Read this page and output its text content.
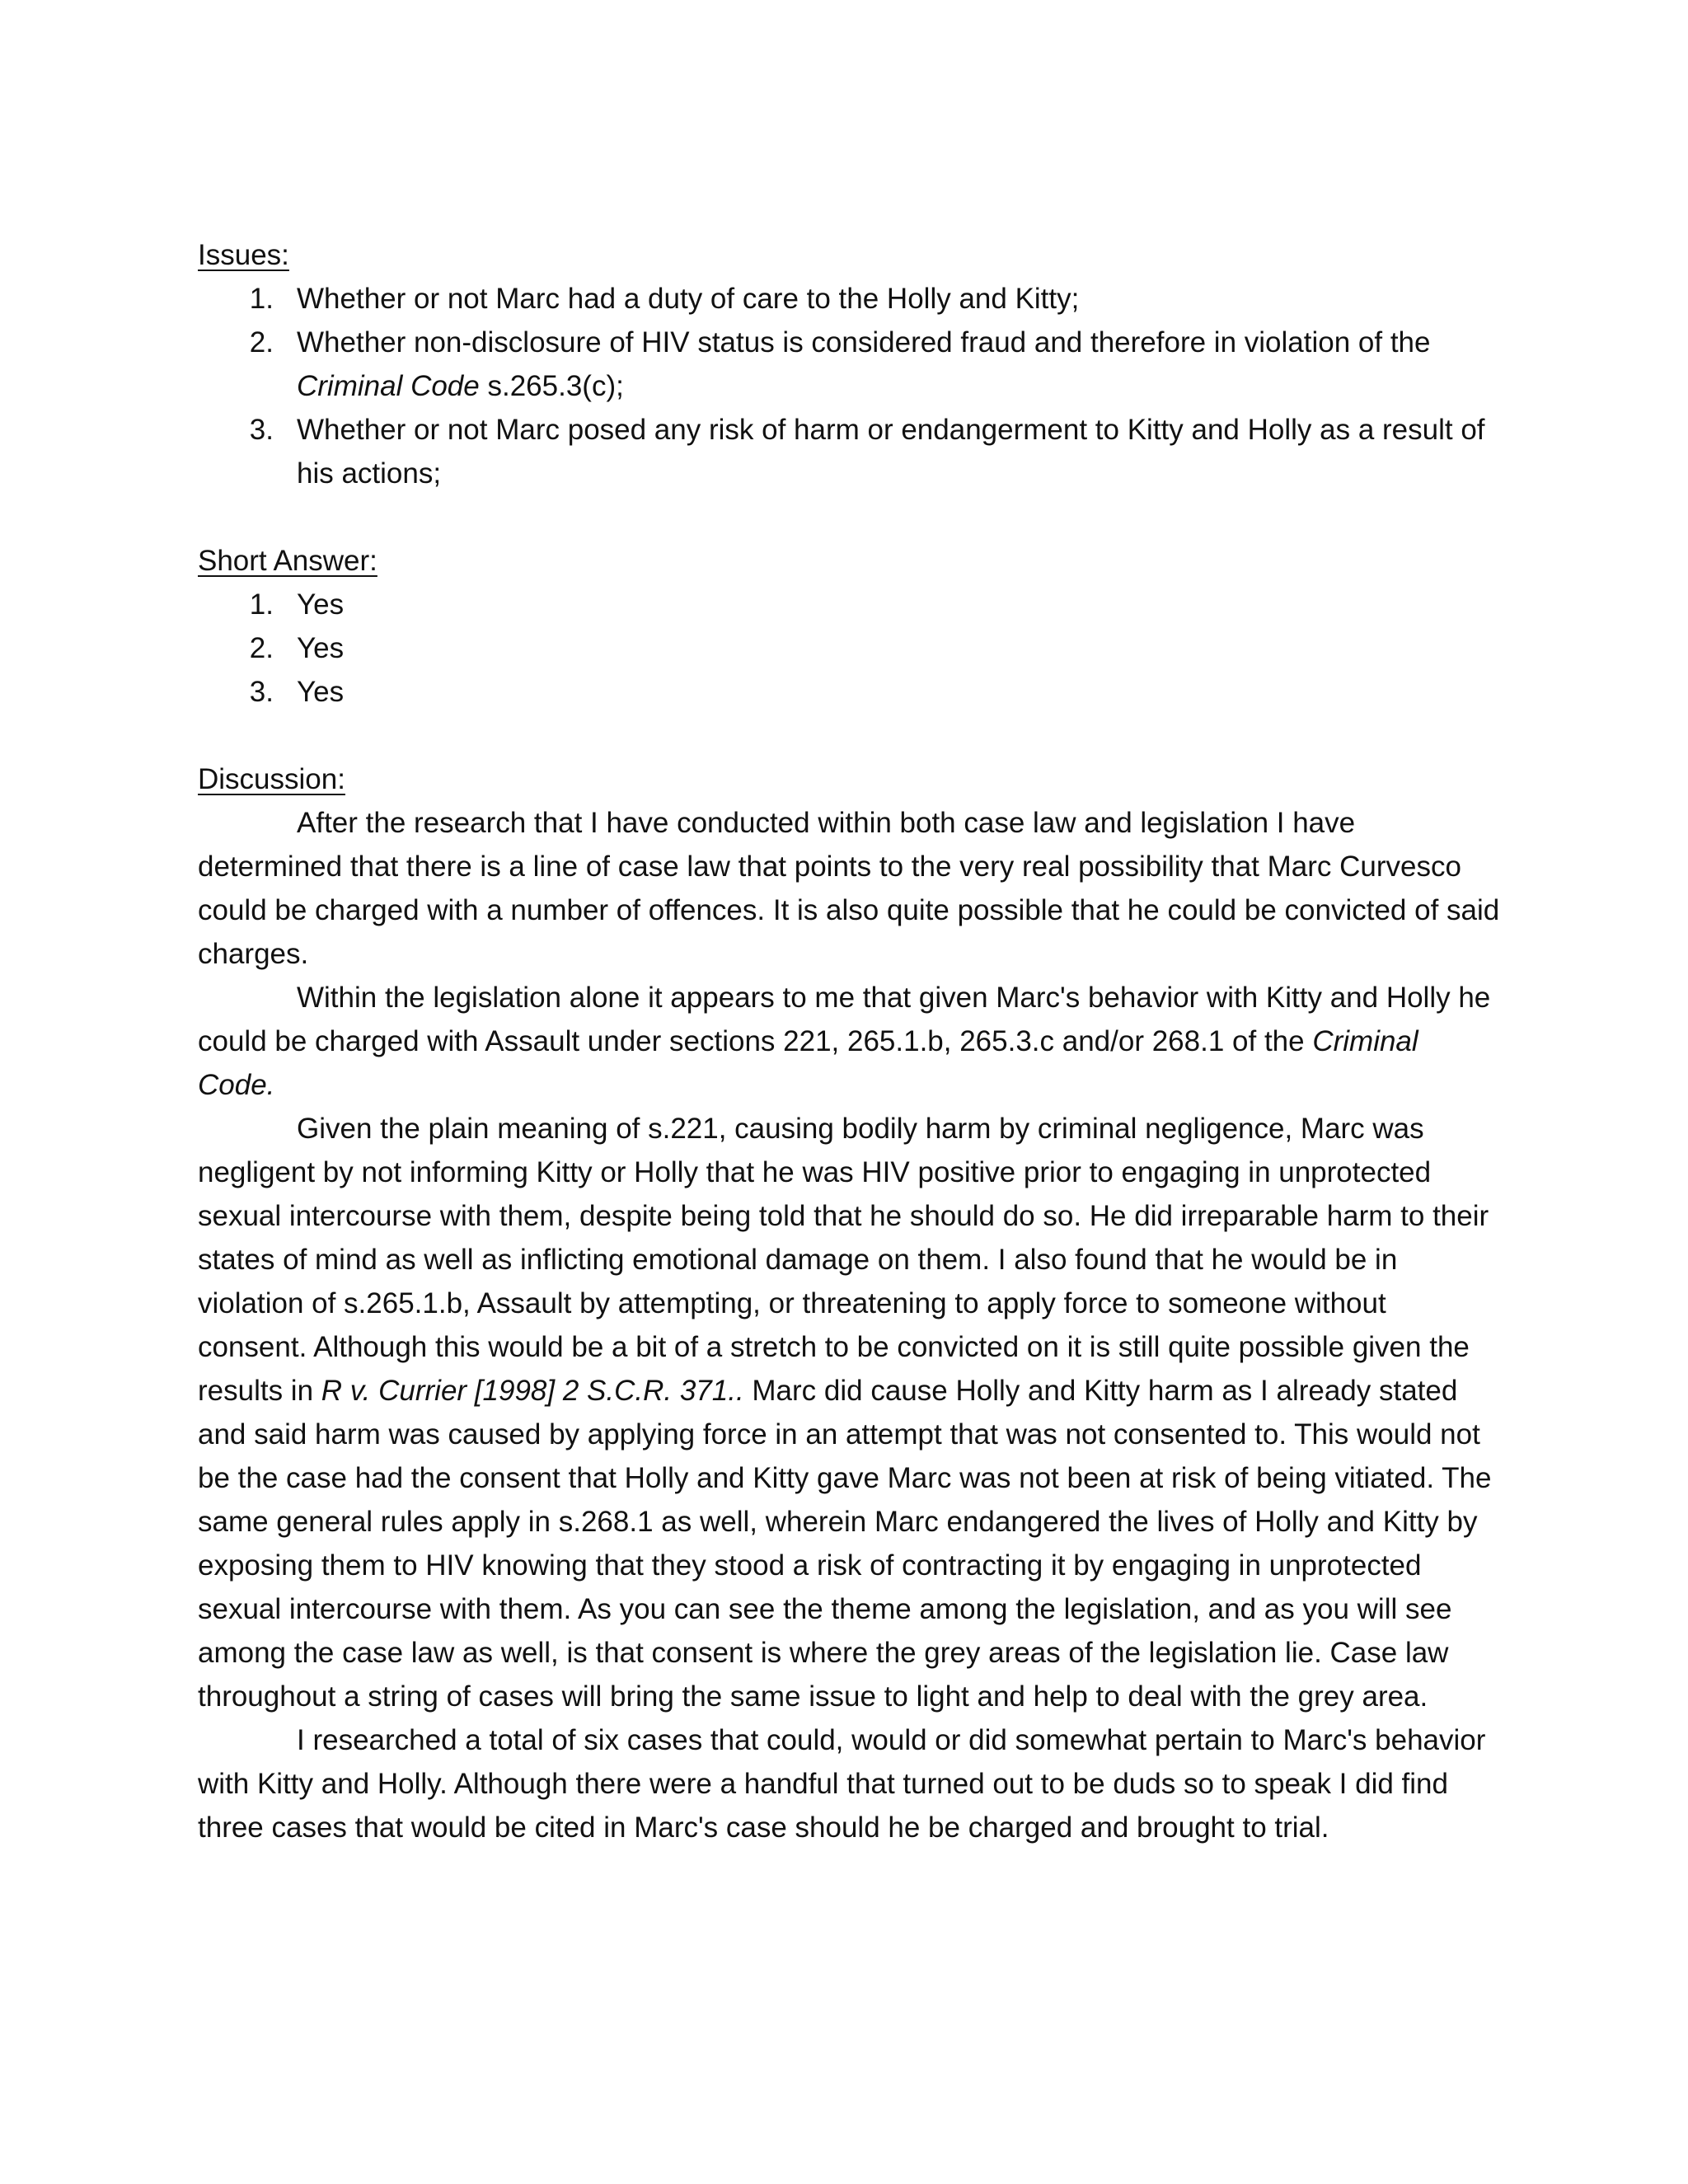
Issues:
1. Whether or not Marc had a duty of care to the Holly and Kitty;
2. Whether non-disclosure of HIV status is considered fraud and therefore in violation of the Criminal Code s.265.3(c);
3. Whether or not Marc posed any risk of harm or endangerment to Kitty and Holly as a result of his actions;
Short Answer:
1. Yes
2. Yes
3. Yes
Discussion:

After the research that I have conducted within both case law and legislation I have determined that there is a line of case law that points to the very real possibility that Marc Curvesco could be charged with a number of offences. It is also quite possible that he could be convicted of said charges.

Within the legislation alone it appears to me that given Marc's behavior with Kitty and Holly he could be charged with Assault under sections 221, 265.1.b, 265.3.c and/or 268.1 of the Criminal Code.

Given the plain meaning of s.221, causing bodily harm by criminal negligence, Marc was negligent by not informing Kitty or Holly that he was HIV positive prior to engaging in unprotected sexual intercourse with them, despite being told that he should do so. He did irreparable harm to their states of mind as well as inflicting emotional damage on them. I also found that he would be in violation of s.265.1.b, Assault by attempting, or threatening to apply force to someone without consent. Although this would be a bit of a stretch to be convicted on it is still quite possible given the results in R v. Currier [1998] 2 S.C.R. 371.. Marc did cause Holly and Kitty harm as I already stated and said harm was caused by applying force in an attempt that was not consented to. This would not be the case had the consent that Holly and Kitty gave Marc was not been at risk of being vitiated. The same general rules apply in s.268.1 as well, wherein Marc endangered the lives of Holly and Kitty by exposing them to HIV knowing that they stood a risk of contracting it by engaging in unprotected sexual intercourse with them. As you can see the theme among the legislation, and as you will see among the case law as well, is that consent is where the grey areas of the legislation lie. Case law throughout a string of cases will bring the same issue to light and help to deal with the grey area.

I researched a total of six cases that could, would or did somewhat pertain to Marc's behavior with Kitty and Holly. Although there were a handful that turned out to be duds so to speak I did find three cases that would be cited in Marc's case should he be charged and brought to trial.
